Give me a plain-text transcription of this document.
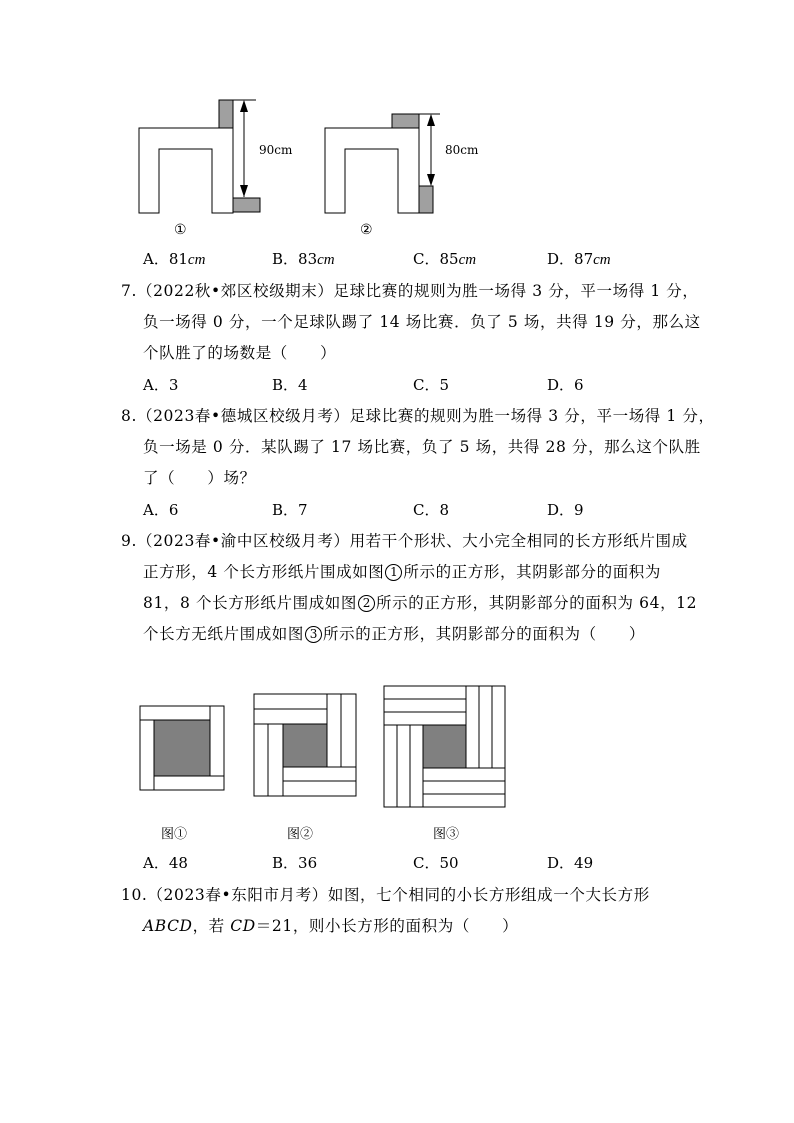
90cm	80cm
①	②
A．81cm	B．83cm	C．85cm	D．87cm
7.（2022秋•郊区校级期末）足球比赛的规则为胜一场得 3 分，平一场得 1 分，
负一场得 0 分，一个足球队踢了 14 场比赛．负了 5 场，共得 19 分，那么这
个队胜了的场数是（　　）
A．3	B．4	C．5	D．6
8.（2023春•德城区校级月考）足球比赛的规则为胜一场得 3 分，平一场得 1 分，
负一场是 0 分．某队踢了 17 场比赛，负了 5 场，共得 28 分，那么这个队胜
了（　　）场？
A．6	B．7	C．8	D．9
9.（2023春•渝中区校级月考）用若干个形状、大小完全相同的长方形纸片围成
正方形，4 个长方形纸片围成如图 1 所示的正方形，其阴影部分的面积为
81，8 个长方形纸片围成如图 2 所示的正方形，其阴影部分的面积为 64，12
个长方无纸片围成如图 3 所示的正方形，其阴影部分的面积为（　　）
图①	图②	图③
A．48	B．36	C．50	D．49
10.（2023春•东阳市月考）如图，七个相同的小长方形组成一个大长方形
ABCD，若 CD＝21，则小长方形的面积为（　　）
